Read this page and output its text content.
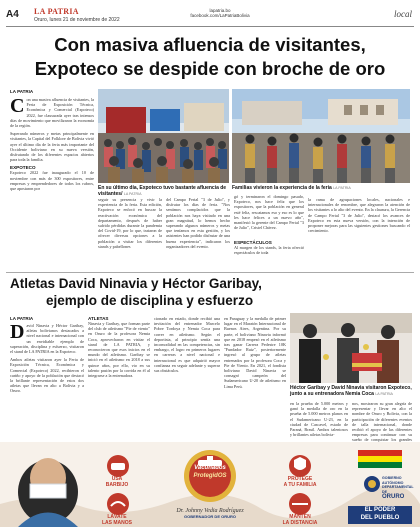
A4 LA PATRIA
Oruro, lunes 21 de noviembre de 2022
lapatria.bo
facebook.com/LaPatriaBolivia	local
Con masiva afluencia de visitantes,
Expoteco se despide con broche de oro
LA PATRIA
C on una masiva afluencia de visitantes, la Feria de Exposición Técnica, Económica y Comercial (Expoteco) 2022, fue clausurada ayer tras intensos días de movimiento que movilizaron la economía de la región.
Superando números y metas principalmente en visitantes, la Capital del Folklore de Bolivia vivió ayer el último día de la feria más importante del Occidente boliviano en su nueva versión, disfrutando de los diferentes espacios abiertos para toda la familia.
EXPOTECO
Expoteco 2022 fue inaugurado el 10 de noviembre con más de 300 expositores, entre empresas y emprendedores de todos los rubros, que apostaron por	En su último día, Expoteco tuvo bastante afluencia de visitantes/ LA PATRIA
Familias vivieron la experiencia de la feria LA PATRIA
seguir su presencia y vivir la experiencia de la feria. Esta edición, Expoteco se enfocó en buscar la reactivación económica del departamento, después de haber sufrido pérdidas durante la pandemia del Covid-19, por lo que, trataron de ofrecer diversas opciones a la población a visitar los diferentes stands y pabellones
del Campo Ferial "3 de Julio", y disfrutar los días de feria. "Nos sentimos complacidos que la población nos haya visitado en una gran magnitud, lo hemos hecho superando algunos números y metas que teníamos en esta gestión, y los asistentes han podido disfrutar de una buena experiencia", indicaron los organizadores del evento.
gó y terminaron el domingo pasado, Expoteco, nos hace feliz que los expositores, que la población en general esté feliz, rescatamos eso y eso es lo que les hace felices a un nuevo año", manifestó la gerente del Campo Ferial "3 de Julio", Cristel Chávez.
ESPECTÁCULOS
Al margen de los stands, la feria ofreció espectáculos de toda
la rama de agrupaciones locales, nacionales e internacionales de renombre, que alegraron la atención de los visitantes a lo alto del evento. En la clausura, la Gerencia de Campo Ferial "3 de Julio", destacó los avances de Expoteco en esta nueva versión, con la intención de proponer mejoras para las siguientes gestiones buscando el crecimiento.
Atletas David Ninavia y Héctor Garibay,
ejemplo de disciplina y esfuerzo
LA PATRIA
D avid Ninavia y Héctor Garibay, atletas bolivianos destacados a nivel nacional e internacional con un envidiable ejemplo de superación, disciplina y esfuerzo, visitaron el stand de LA PATRIA en la Expoteco.
Ambos atletas visitaron ayer la Feria de Exposición Técnica, Económica y Comercial (Expoteco) 2022, recibieron el cariño y apoyo de la población que destacó la brillante representación de estos dos atletas que llevan en alto a Bolivia y a Oruro.
ATLETAS
Ninavia y Garibay, que forman parte del club de atletismo "Pie de viento" en Oruro de la profesora Nemia Coca, aprovecharon en visitar el stand de LA PATRIA, y reconocieron que esos inicios en el mundo del atletismo. Garibay se inició en el atletismo en 2018 a sus quince años, por ello, vio en su talento pasión por la corrida en él al integrarse a la entrenadora.
cionado en estado, donde recibió una invitación del entrenador Marcelo Pobre Tordoya y Nemia Coca para correr en atletismo. Según el deportista, al principio sentía una incomodidad en las competencias, sin embargo, el logro en primeros lugares en carreras a nivel nacional e internacional es que adquirió mayor confianza en seguir adelante y superar sus obstáculos.
en Paraguay y la medalla de primer lugar en el Maratón Internacional de Buenos Aires, Argentina. Por su parte, el boliviano Ninavia informó que en 2018 empezó en el atletismo tras ganar Carrera Pedestre 10K "Fundador Ruiz", posteriormente ingresó al grupo de atletas entrenados por la profesora Coca y Pie de Viento. En 2021, el fondista boliviano David Ninavia se consagró campeón del Sudamericano U-20 de atletismo en Lima Perú.	Héctor Garibay y David Ninavia visitaron Expoteco, junto a su entrenadora Nemia Coca LA PATRIA
en la prueba de 5.000 metros y ganó la medalla de oro en la prueba de 5.000 metros planos en el Sudamericano U-23, en la ciudad de Cascavel, estado de Paraná, Brasil. Ambos talentosos y brillantes atletas bolivia-
nos, mostraron su gran alegría de representar y llevar en alto el nombre de Oruro y Bolivia, con la participación de diferentes eventos de talla internacional, donde recibió el apoyo de las diferentes empresas para continuar con su sueño de conquistar los grandes
USA
BARBIJO
LÁVATE
LAS MANOS
Vacunados
ProtegidOS
Dr. Johnny Vedia Rodríguez
GOBERNADOR DE ORURO
PROTEGE
A TU FAMILIA
MANTÉN
LA DISTANCIA
GOBIERNO AUTÓNOMO
DEPARTAMENTAL DE
ORURO
EL PODER
DEL PUEBLO
